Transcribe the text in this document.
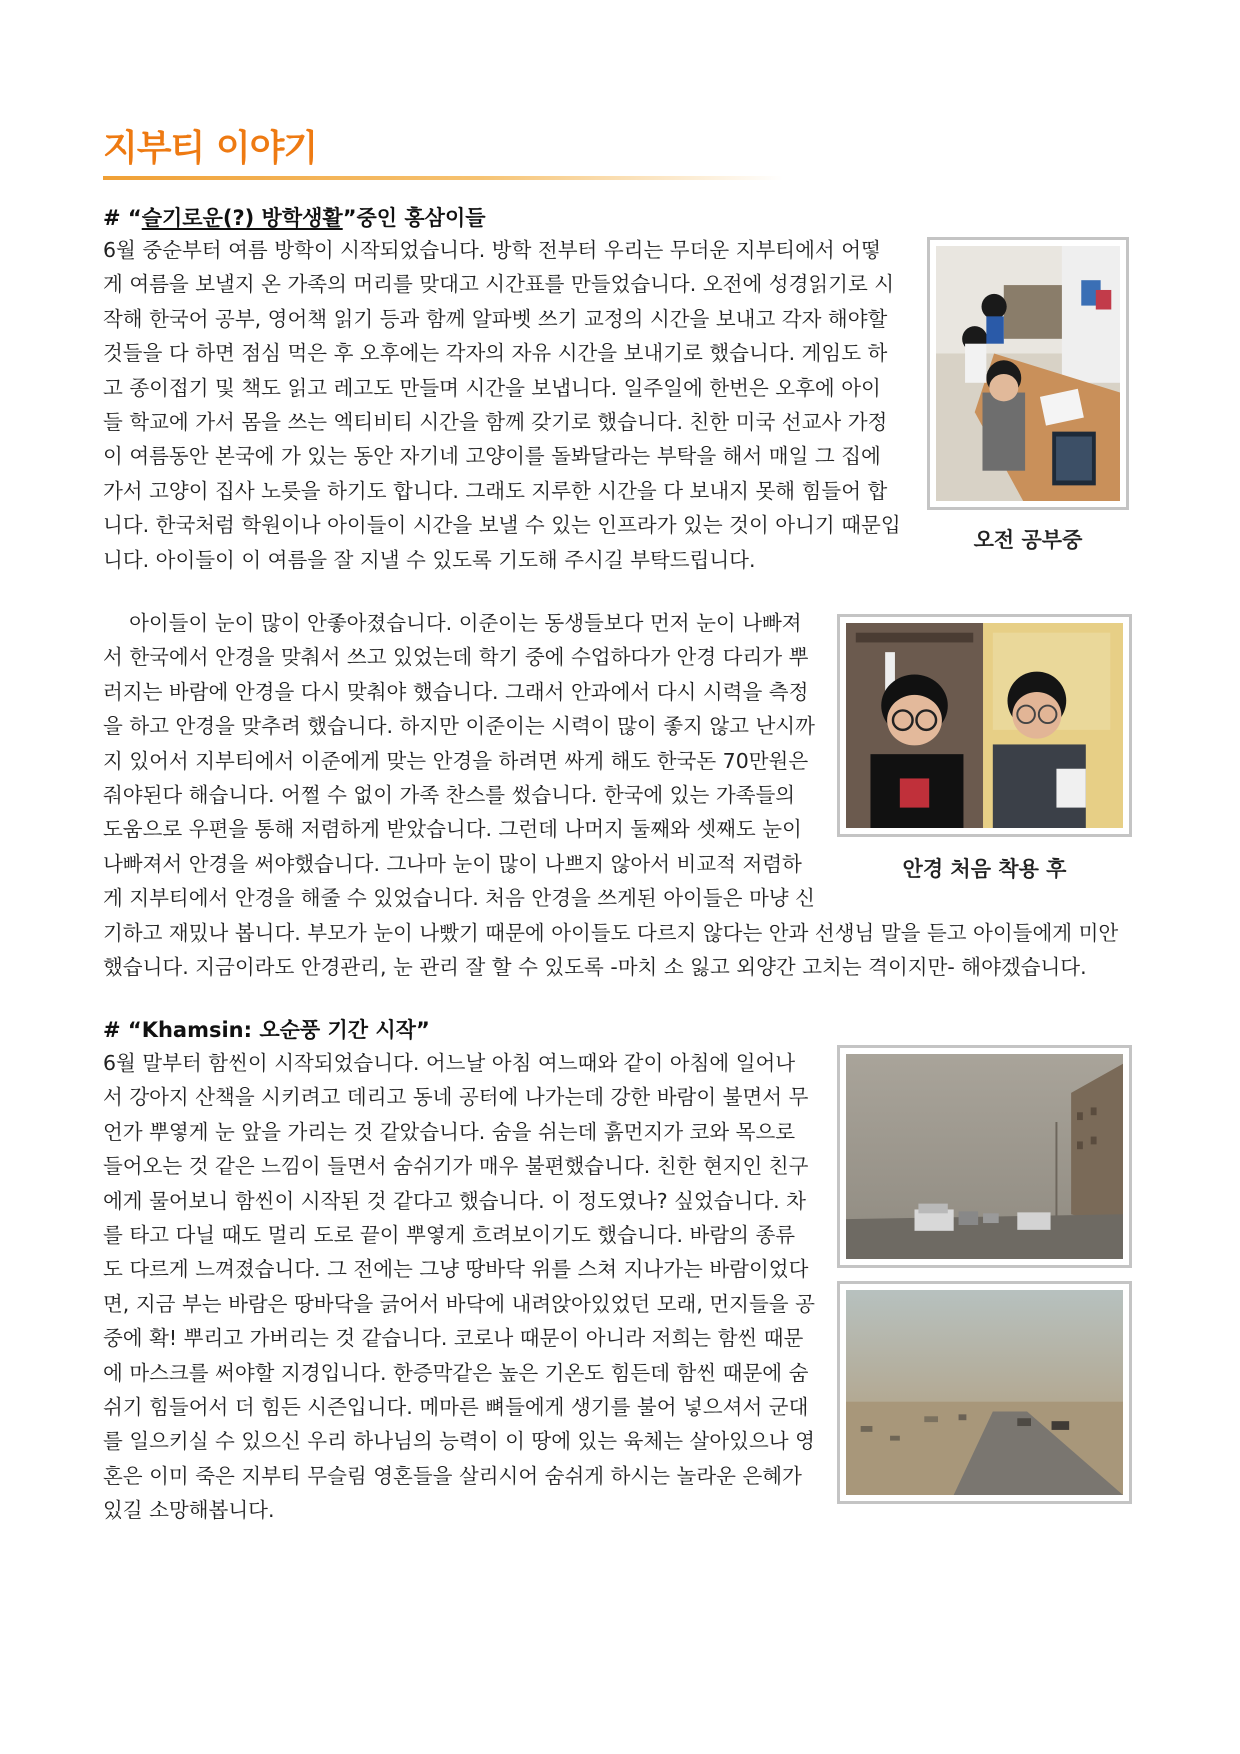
지부티 이야기
# “슬기로운(?) 방학생활”중인 홍삼이들
6월 중순부터 여름 방학이 시작되었습니다. 방학 전부터 우리는 무더운 지부티에서 어떻
게 여름을 보낼지 온 가족의 머리를 맞대고 시간표를 만들었습니다. 오전에 성경읽기로 시
작해 한국어 공부, 영어책 읽기 등과 함께 알파벳 쓰기 교정의 시간을 보내고 각자 해야할
것들을 다 하면 점심 먹은 후 오후에는 각자의 자유 시간을 보내기로 했습니다. 게임도 하
고 종이접기 및 책도 읽고 레고도 만들며 시간을 보냅니다. 일주일에 한번은 오후에 아이
들 학교에 가서 몸을 쓰는 엑티비티 시간을 함께 갖기로 했습니다. 친한 미국 선교사 가정
이 여름동안 본국에 가 있는 동안 자기네 고양이를 돌봐달라는 부탁을 해서 매일 그 집에
가서 고양이 집사 노릇을 하기도 합니다. 그래도 지루한 시간을 다 보내지 못해 힘들어 합
니다. 한국처럼 학원이나 아이들이 시간을 보낼 수 있는 인프라가 있는 것이 아니기 때문입
니다. 아이들이 이 여름을 잘 지낼 수 있도록 기도해 주시길 부탁드립니다.
오전 공부중
아이들이 눈이 많이 안좋아졌습니다. 이준이는 동생들보다 먼저 눈이 나빠져
서 한국에서 안경을 맞춰서 쓰고 있었는데 학기 중에 수업하다가 안경 다리가 뿌
러지는 바람에 안경을 다시 맞춰야 했습니다. 그래서 안과에서 다시 시력을 측정
을 하고 안경을 맞추려 했습니다. 하지만 이준이는 시력이 많이 좋지 않고 난시까
지 있어서 지부티에서 이준에게 맞는 안경을 하려면 싸게 해도 한국돈 70만원은
줘야된다 해습니다. 어쩔 수 없이 가족 찬스를 썼습니다. 한국에 있는 가족들의
도움으로 우편을 통해 저렴하게 받았습니다. 그런데 나머지 둘째와 셋째도 눈이
나빠져서 안경을 써야했습니다. 그나마 눈이 많이 나쁘지 않아서 비교적 저렴하
게 지부티에서 안경을 해줄 수 있었습니다. 처음 안경을 쓰게된 아이들은 마냥 신
기하고 재밌나 봅니다. 부모가 눈이 나빴기 때문에 아이들도 다르지 않다는 안과 선생님 말을 듣고 아이들에게 미안
했습니다. 지금이라도 안경관리, 눈 관리 잘 할 수 있도록 -마치 소 잃고 외양간 고치는 격이지만- 해야겠습니다.
안경 처음 착용 후
# “Khamsin: 오순풍 기간 시작”
6월 말부터 함씬이 시작되었습니다. 어느날 아침 여느때와 같이 아침에 일어나
서 강아지 산책을 시키려고 데리고 동네 공터에 나가는데 강한 바람이 불면서 무
언가 뿌옇게 눈 앞을 가리는 것 같았습니다. 숨을 쉬는데 흙먼지가 코와 목으로
들어오는 것 같은 느낌이 들면서 숨쉬기가 매우 불편했습니다. 친한 현지인 친구
에게 물어보니 함씬이 시작된 것 같다고 했습니다. 이 정도였나? 싶었습니다. 차
를 타고 다닐 때도 멀리 도로 끝이 뿌옇게 흐려보이기도 했습니다. 바람의 종류
도 다르게 느껴졌습니다. 그 전에는 그냥 땅바닥 위를 스쳐 지나가는 바람이었다
면, 지금 부는 바람은 땅바닥을 긁어서 바닥에 내려앉아있었던 모래, 먼지들을 공
중에 확! 뿌리고 가버리는 것 같습니다. 코로나 때문이 아니라 저희는 함씬 때문
에 마스크를 써야할 지경입니다. 한증막같은 높은 기온도 힘든데 함씬 때문에 숨
쉬기 힘들어서 더 힘든 시즌입니다. 메마른 뼈들에게 생기를 불어 넣으셔서 군대
를 일으키실 수 있으신 우리 하나님의 능력이 이 땅에 있는 육체는 살아있으나 영
혼은 이미 죽은 지부티 무슬림 영혼들을 살리시어 숨쉬게 하시는 놀라운 은혜가
있길 소망해봅니다.
